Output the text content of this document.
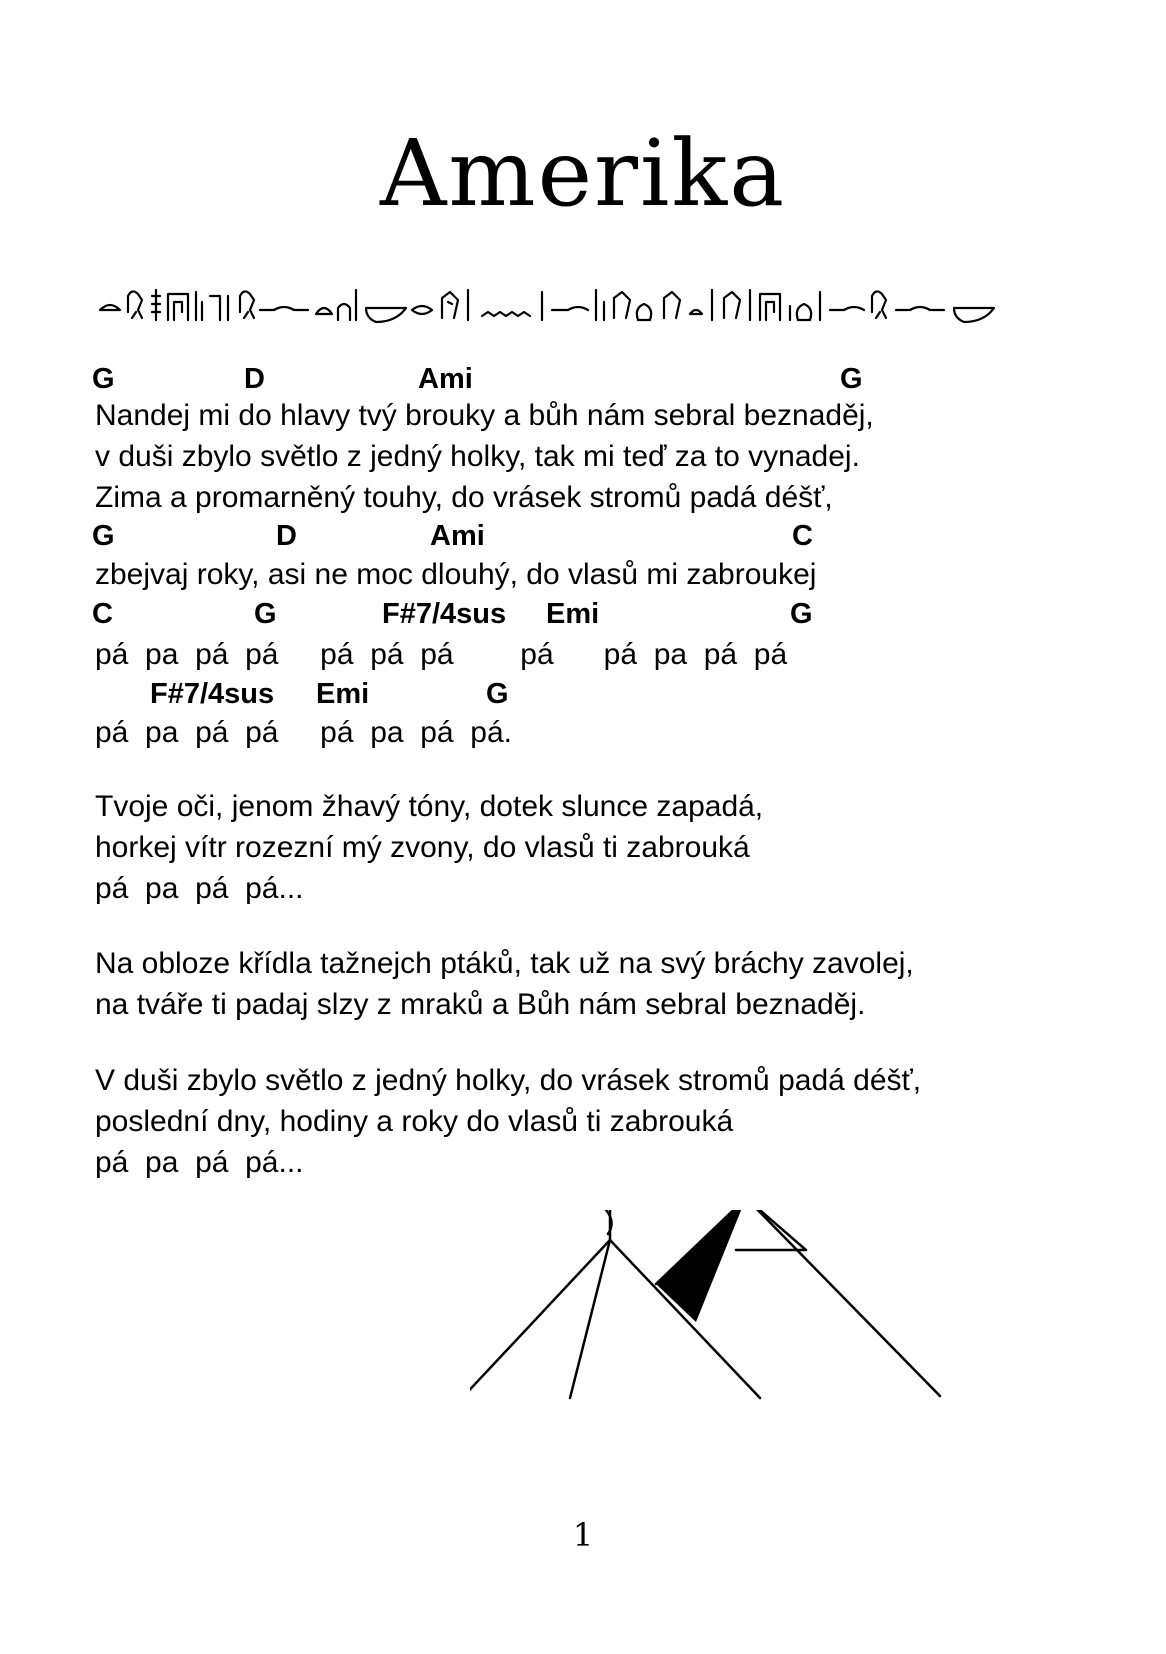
Amerika
G	D	Ami	G
Nandej mi do hlavy tvý brouky a bůh nám sebral beznaděj,
v duši zbylo světlo z jedný holky, tak mi teď za to vynadej.
Zima a promarněný touhy, do vrásek stromů padá déšť,
G	D	Ami	C
zbejvaj roky, asi ne moc dlouhý, do vlasů mi zabroukej
C	G	F#7/4sus Emi	G
pá  pa  pá  pá     pá  pá  pá        pá      pá  pa  pá  pá
F#7/4sus Emi	G
pá  pa  pá  pá     pá  pa  pá  pá.
Tvoje oči, jenom žhavý tóny, dotek slunce zapadá,
horkej vítr rozezní mý zvony, do vlasů ti zabrouká
pá  pa  pá  pá...
Na obloze křídla tažnejch ptáků, tak už na svý bráchy zavolej,
na tváře ti padaj slzy z mraků a Bůh nám sebral beznaděj.
V duši zbylo světlo z jedný holky, do vrásek stromů padá déšť,
poslední dny, hodiny a roky do vlasů ti zabrouká
pá  pa  pá  pá...
1
